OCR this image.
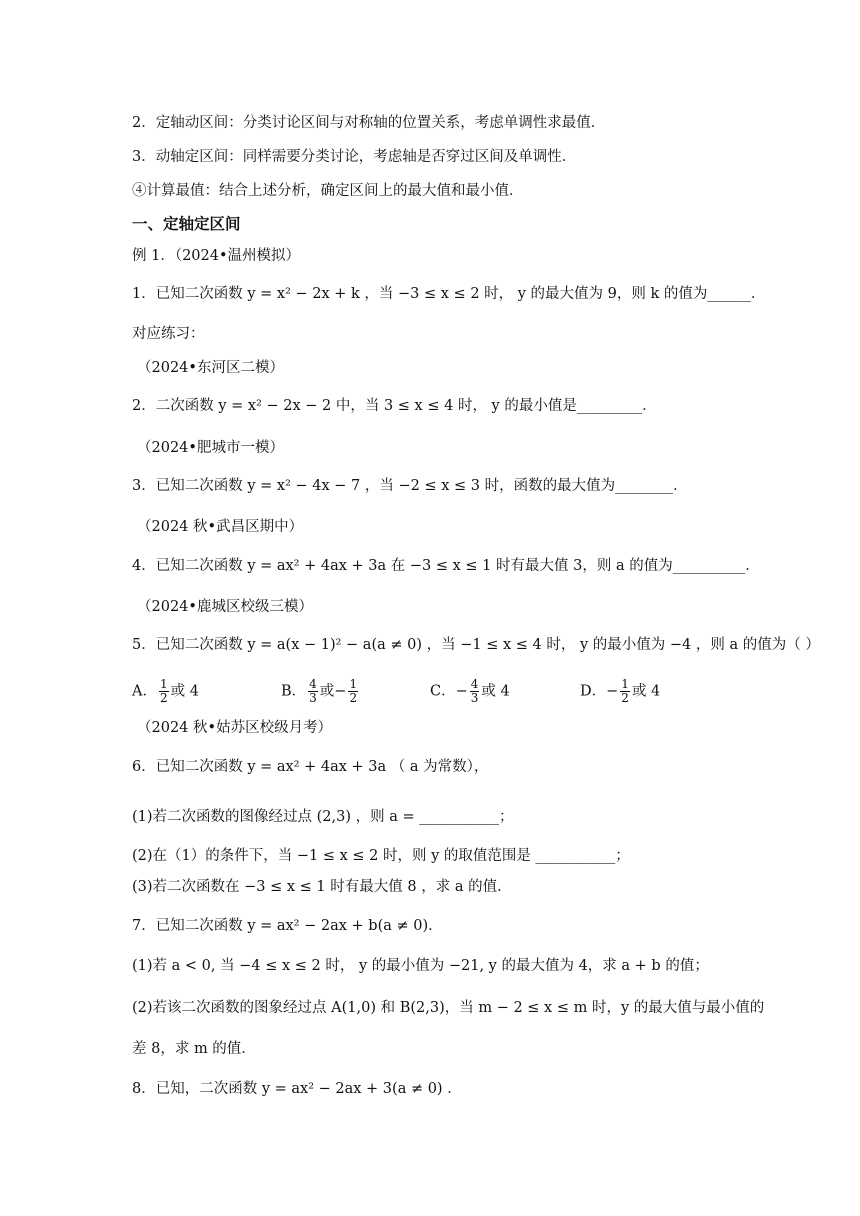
2．定轴动区间：分类讨论区间与对称轴的位置关系，考虑单调性求最值．
3．动轴定区间：同样需要分类讨论，考虑轴是否穿过区间及单调性．
④计算最值：结合上述分析，确定区间上的最大值和最小值．
一、定轴定区间
例 1．（2024•温州模拟）
1．已知二次函数 y = x² − 2x + k ，当 −3 ≤ x ≤ 2 时， y 的最大值为 9，则 k 的值为______．
对应练习：
（2024•东河区二模）
2．二次函数 y = x² − 2x − 2 中，当 3 ≤ x ≤ 4 时， y 的最小值是_________．
（2024•肥城市一模）
3．已知二次函数 y = x² − 4x − 7 ，当 −2 ≤ x ≤ 3 时，函数的最大值为________．
（2024 秋•武昌区期中）
4．已知二次函数 y = ax² + 4ax + 3a 在 −3 ≤ x ≤ 1 时有最大值 3，则 a 的值为__________．
（2024•鹿城区校级三模）
5．已知二次函数 y = a(x − 1)² − a(a ≠ 0) ，当 −1 ≤ x ≤ 4 时， y 的最小值为 −4 ，则 a 的值为（ ）
A． $\frac{1}{2}$ 或 4	B． $\frac{4}{3}$ 或− $\frac{1}{2}$	C．− $\frac{4}{3}$ 或 4	D．− $\frac{1}{2}$ 或 4
（2024 秋•姑苏区校级月考）
6．已知二次函数 y = ax² + 4ax + 3a （ a 为常数），
(1)若二次函数的图像经过点 (2,3) ，则 a = ___________；
(2)在（1）的条件下，当 −1 ≤ x ≤ 2 时，则 y 的取值范围是 ___________；
(3)若二次函数在 −3 ≤ x ≤ 1 时有最大值 8 ，求 a 的值．
7．已知二次函数 y = ax² − 2ax + b(a ≠ 0)．
(1)若 a < 0, 当 −4 ≤ x ≤ 2 时， y 的最小值为 −21, y 的最大值为 4，求 a + b 的值；
(2)若该二次函数的图象经过点 A(1,0) 和 B(2,3)，当 m − 2 ≤ x ≤ m 时，y 的最大值与最小值的
差 8，求 m 的值．
8．已知，二次函数 y = ax² − 2ax + 3(a ≠ 0) ．
